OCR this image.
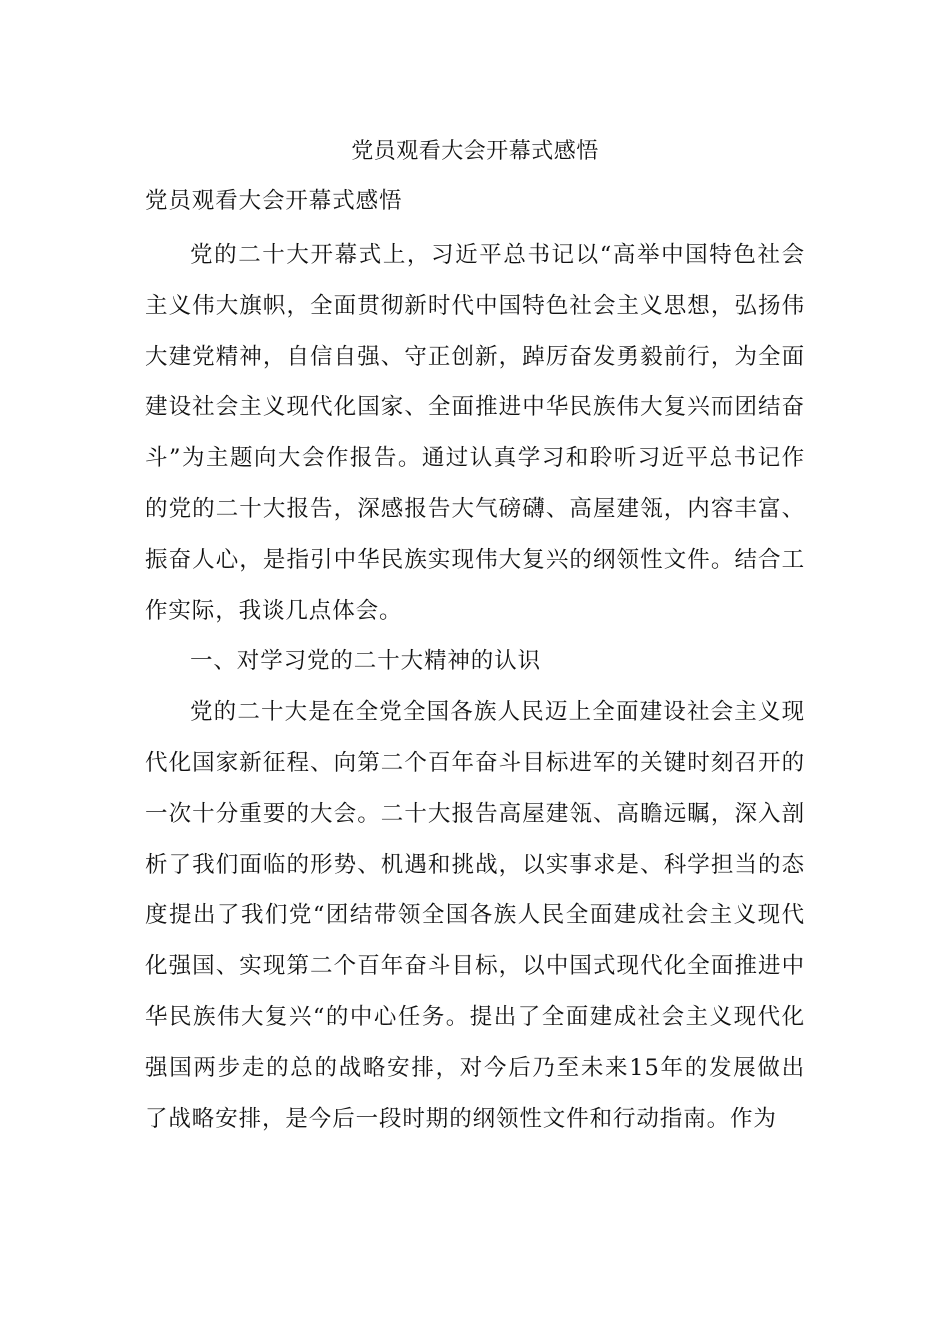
党员观看大会开幕式感悟

党员观看大会开幕式感悟

党的二十大开幕式上，习近平总书记以“高举中国特色社会主义伟大旗帜，全面贯彻新时代中国特色社会主义思想，弘扬伟大建党精神，自信自强、守正创新，踔厉奋发勇毅前行，为全面建设社会主义现代化国家、全面推进中华民族伟大复兴而团结奋斗”为主题向大会作报告。通过认真学习和聆听习近平总书记作的党的二十大报告，深感报告大气磅礴、高屋建瓴，内容丰富、振奋人心，是指引中华民族实现伟大复兴的纲领性文件。结合工作实际，我谈几点体会。

一、对学习党的二十大精神的认识

党的二十大是在全党全国各族人民迈上全面建设社会主义现代化国家新征程、向第二个百年奋斗目标进军的关键时刻召开的一次十分重要的大会。二十大报告高屋建瓴、高瞻远瞩，深入剖析了我们面临的形势、机遇和挑战，以实事求是、科学担当的态度提出了我们党“团结带领全国各族人民全面建成社会主义现代化强国、实现第二个百年奋斗目标，以中国式现代化全面推进中华民族伟大复兴“的中心任务。提出了全面建成社会主义现代化强国两步走的总的战略安排，对今后乃至未来15年的发展做出了战略安排，是今后一段时期的纲领性文件和行动指南。作为
